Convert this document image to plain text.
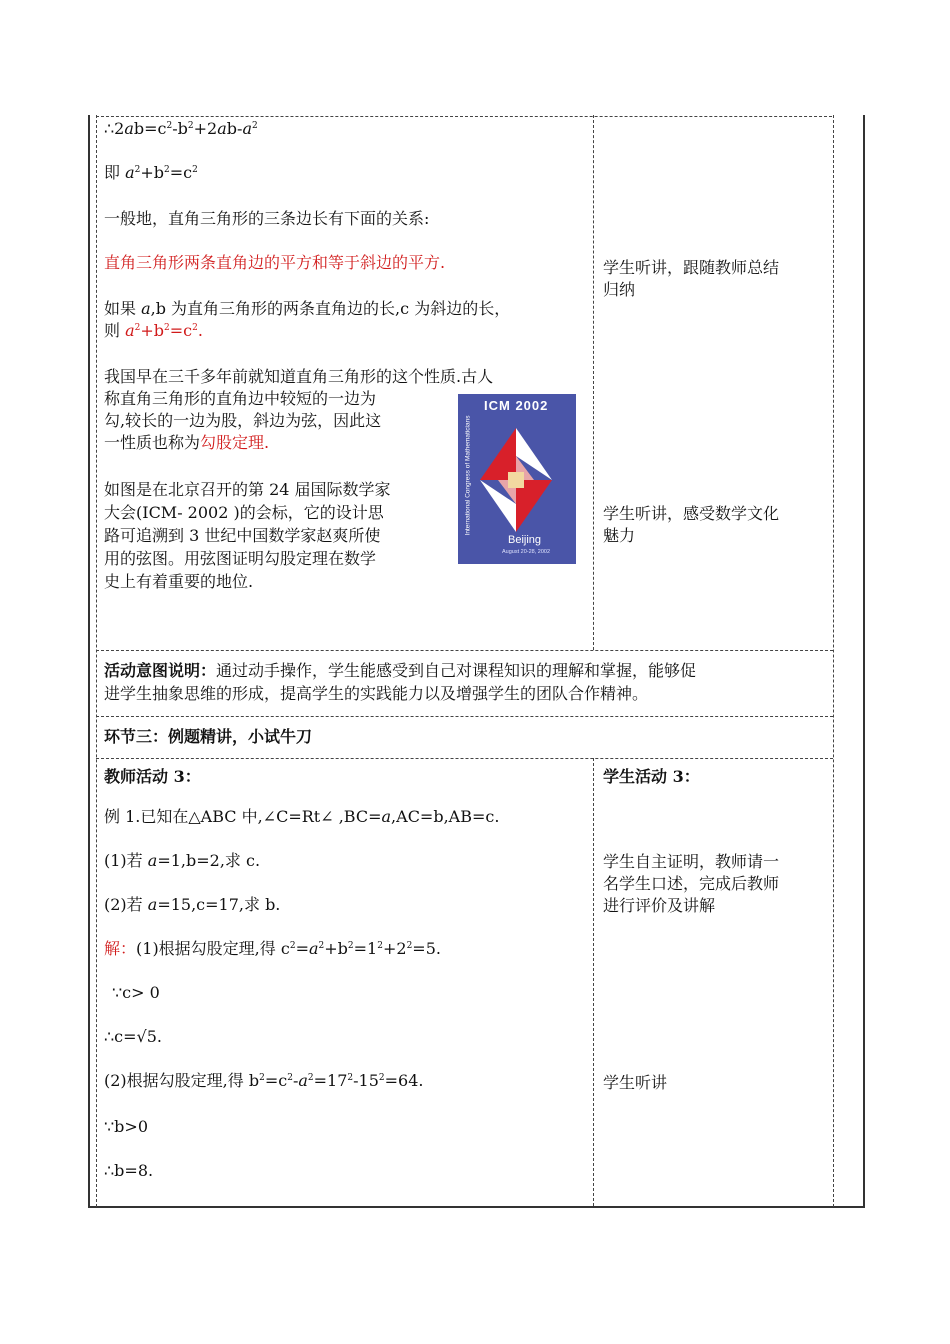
$\therefore 2ab=c^2-b^2+2ab-a^2$
即 $a^2+b^2=c^2$
一般地，直角三角形的三条边长有下面的关系:
直角三角形两条直角边的平方和等于斜边的平方.
如果 a,b 为直角三角形的两条直角边的长,c 为斜边的长，
则 $a^2+b^2=c^2$.
我国早在三千多年前就知道直角三角形的这个性质.古人
称直角三角形的直角边中较短的一边为
勾,较长的一边为股，斜边为弦，因此这
一性质也称为勾股定理.
如图是在北京召开的第 24 届国际数学家
大会(ICM- 2002 )的会标，它的设计思
路可追溯到 3 世纪中国数学家赵爽所使
用的弦图。用弦图证明勾股定理在数学
史上有着重要的地位.
ICM 2002
International Congress of Mathematicians
Beijing
August 20-28, 2002
学生听讲，跟随教师总结
归纳
学生听讲，感受数学文化
魅力
活动意图说明：通过动手操作，学生能感受到自己对课程知识的理解和掌握，能够促
进学生抽象思维的形成，提高学生的实践能力以及增强学生的团队合作精神。
环节三：例题精讲，小试牛刀
教师活动 3：
例 1.已知在△ABC 中,∠C=Rt∠ ,BC=a,AC=b,AB=c.
(1)若 a=1,b=2,求 c.
(2)若 a=15,c=17,求 b.
解：(1)根据勾股定理,得 $c^2=a^2+b^2=1^2+2^2=5$.
∵c> 0
∴c=√5.
(2)根据勾股定理,得 $b^2=c^2-a^2=17^2-15^2=64$.
∵b>0
∴b=8.
学生活动 3：
学生自主证明，教师请一
名学生口述，完成后教师
进行评价及讲解
学生听讲
